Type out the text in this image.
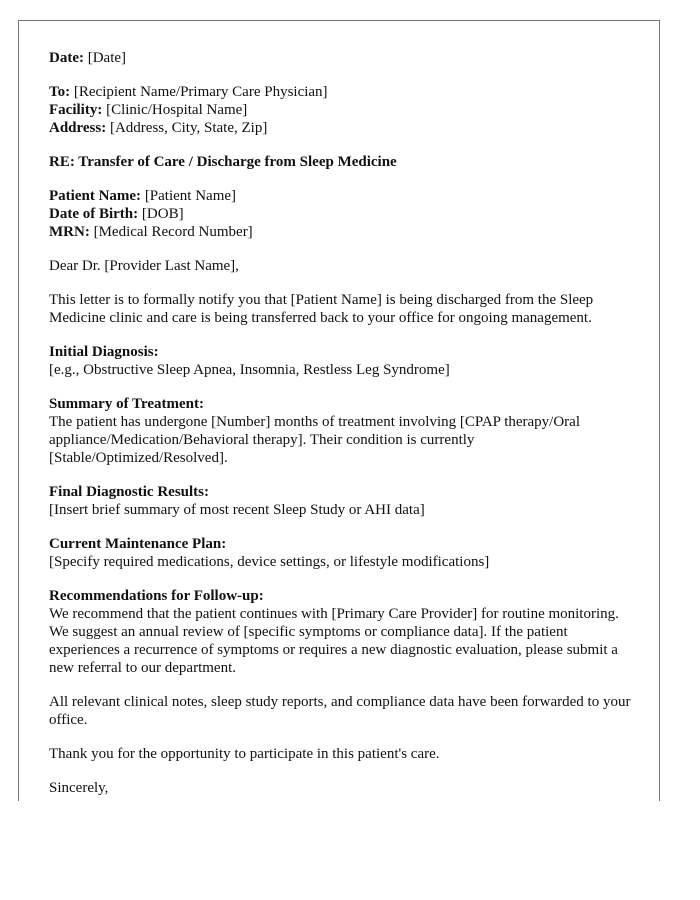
Date: [Date]

To: [Recipient Name/Primary Care Physician]

Facility: [Clinic/Hospital Name]

Address: [Address, City, State, Zip]

RE: Transfer of Care / Discharge from Sleep Medicine

Patient Name: [Patient Name]

Date of Birth: [DOB]

MRN: [Medical Record Number]

Dear Dr. [Provider Last Name],

This letter is to formally notify you that [Patient Name] is being discharged from the Sleep Medicine clinic and care is being transferred back to your office for ongoing management.

Initial Diagnosis:
[e.g., Obstructive Sleep Apnea, Insomnia, Restless Leg Syndrome]

Summary of Treatment:
The patient has undergone [Number] months of treatment involving [CPAP therapy/Oral appliance/Medication/Behavioral therapy]. Their condition is currently [Stable/Optimized/Resolved].

Final Diagnostic Results:
[Insert brief summary of most recent Sleep Study or AHI data]

Current Maintenance Plan:
[Specify required medications, device settings, or lifestyle modifications]

Recommendations for Follow-up:
We recommend that the patient continues with [Primary Care Provider] for routine monitoring. We suggest an annual review of [specific symptoms or compliance data]. If the patient experiences a recurrence of symptoms or requires a new diagnostic evaluation, please submit a new referral to our department.

All relevant clinical notes, sleep study reports, and compliance data have been forwarded to your office.

Thank you for the opportunity to participate in this patient's care.

Sincerely,
